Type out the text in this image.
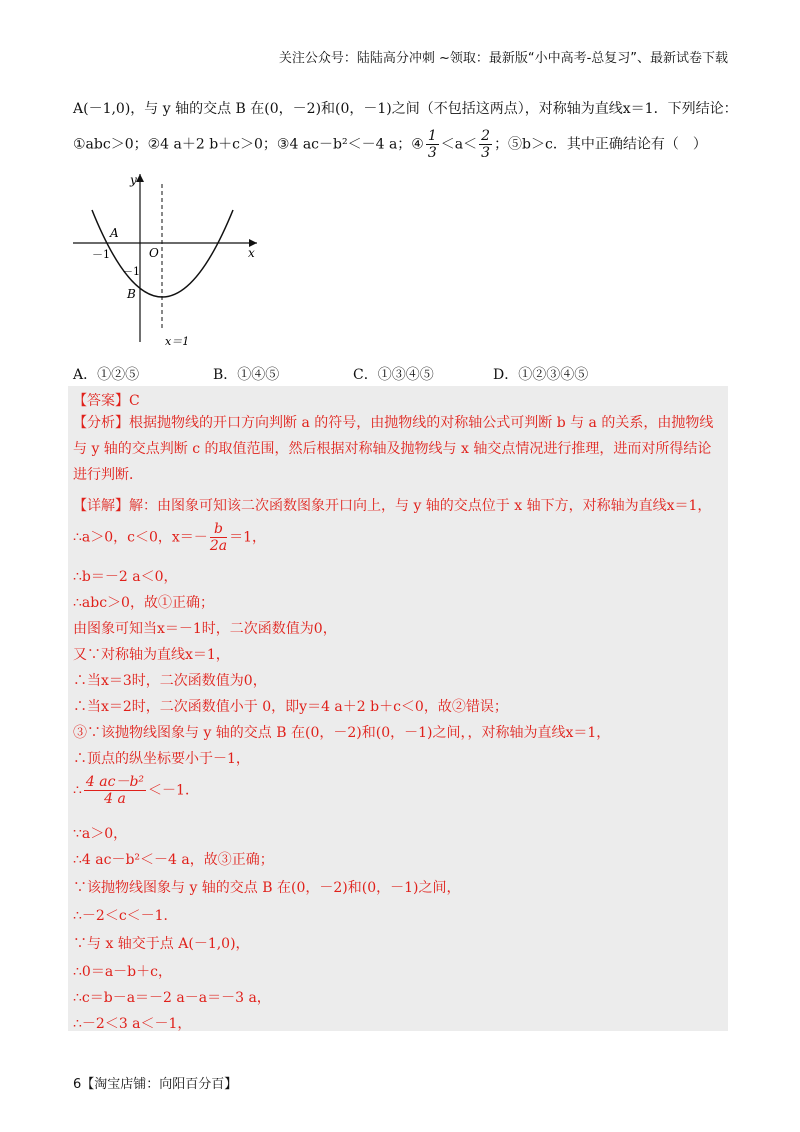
关注公众号：陆陆高分冲刺 ~领取：最新版“小中高考-总复习”、最新试卷下载
A(－1,0)，与 y 轴的交点 B 在(0，－2)和(0，－1)之间（不包括这两点），对称轴为直线x＝1．下列结论：
①abc＞0；②4 a＋2 b＋c＞0；③4 ac－b²＜－4 a；④ $\frac{1}{3} <a< \frac{2}{3}$ ；⑤b＞c．其中正确结论有（　）
y
x
A
O
B
－1
－1
x＝1
A．①②⑤	B．①④⑤	C．①③④⑤	D．①②③④⑤
【答案】C
【分析】根据抛物线的开口方向判断 a 的符号，由抛物线的对称轴公式可判断 b 与 a 的关系，由抛物线与 y 轴的交点判断 c 的取值范围，然后根据对称轴及抛物线与 x 轴交点情况进行推理，进而对所得结论进行判断．
【详解】解：由图象可知该二次函数图象开口向上，与 y 轴的交点位于 x 轴下方，对称轴为直线x＝1，
∴a＞0，c＜0，$x=- \frac{b}{2a} =1$，
∴b＝－2 a＜0，
∴abc＞0，故①正确；
由图象可知当x＝－1时，二次函数值为0，
又∵对称轴为直线x＝1，
∴当x＝3时，二次函数值为0，
∴当x＝2时，二次函数值小于 0，即y＝4 a＋2 b＋c＜0，故②错误；
③∵该抛物线图象与 y 轴的交点 B 在(0，－2)和(0，－1)之间，，对称轴为直线x＝1，
∴顶点的纵坐标要小于－1，
∴ $\frac{\text{4 ac－b²}}{4 a} <-1$．
∵a＞0，
∴4 ac－b²＜－4 a，故③正确；
∵该抛物线图象与 y 轴的交点 B 在(0，－2)和(0，－1)之间，
∴－2＜c＜－1．
∵与 x 轴交于点 A(－1,0)，
∴0＝a－b＋c，
∴c＝b－a＝－2 a－a＝－3 a，
∴－2＜3 a＜－1，
6【淘宝店铺：向阳百分百】
